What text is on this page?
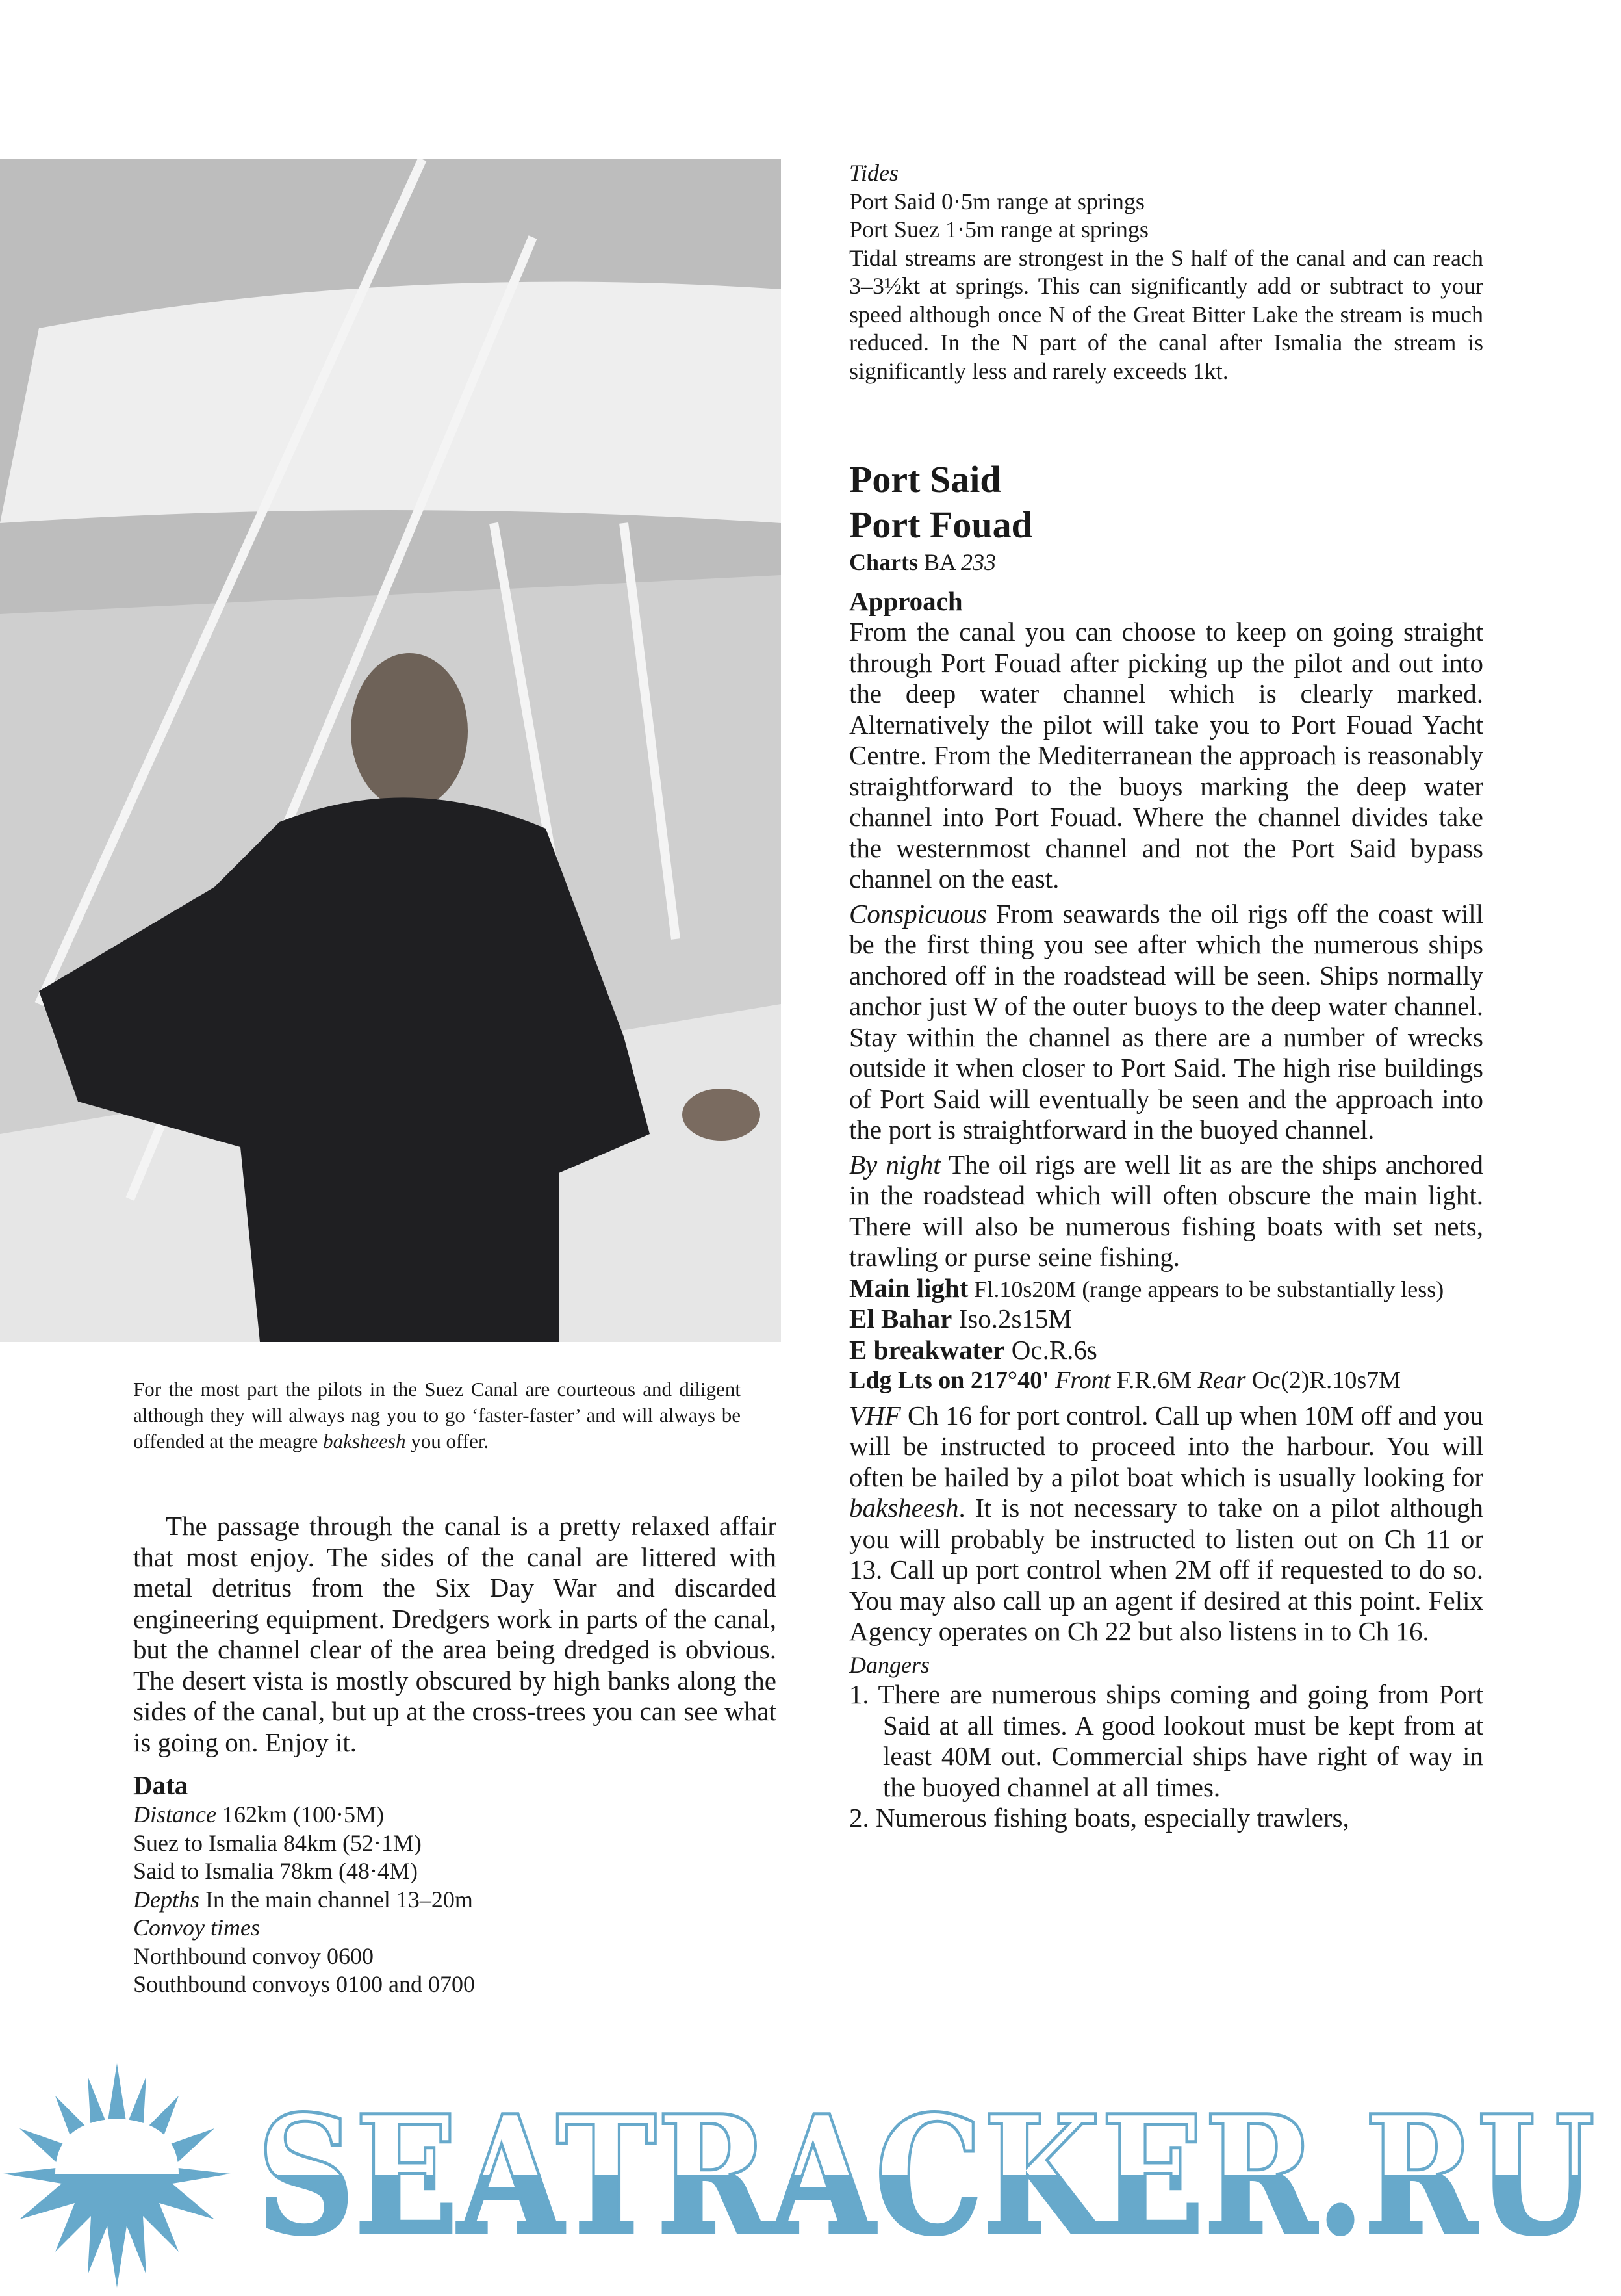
For the most part the pilots in the Suez Canal are courteous and diligent although they will always nag you to go ‘faster-faster’ and will always be offended at the meagre baksheesh you offer.

The passage through the canal is a pretty relaxed affair that most enjoy. The sides of the canal are littered with metal detritus from the Six Day War and discarded engineering equipment. Dredgers work in parts of the canal, but the channel clear of the area being dredged is obvious. The desert vista is mostly obscured by high banks along the sides of the canal, but up at the cross-trees you can see what is going on. Enjoy it.

Data
Distance 162km (100·5M)
Suez to Ismalia 84km (52·1M)
Said to Ismalia 78km (48·4M)
Depths In the main channel 13–20m
Convoy times
Northbound convoy 0600
Southbound convoys 0100 and 0700
Tides
Port Said 0·5m range at springs
Port Suez 1·5m range at springs

Tidal streams are strongest in the S half of the canal and can reach 3–3½kt at springs. This can significantly add or subtract to your speed although once N of the Great Bitter Lake the stream is much reduced. In the N part of the canal after Ismalia the stream is significantly less and rarely exceeds 1kt.

Port Said
Port Fouad
Charts BA 233
Approach

From the canal you can choose to keep on going straight through Port Fouad after picking up the pilot and out into the deep water channel which is clearly marked. Alternatively the pilot will take you to Port Fouad Yacht Centre. From the Mediterranean the approach is reasonably straightforward to the buoys marking the deep water channel into Port Fouad. Where the channel divides take the westernmost channel and not the Port Said bypass channel on the east.

Conspicuous From seawards the oil rigs off the coast will be the first thing you see after which the numerous ships anchored off in the roadstead will be seen. Ships normally anchor just W of the outer buoys to the deep water channel. Stay within the channel as there are a number of wrecks outside it when closer to Port Said. The high rise buildings of Port Said will eventually be seen and the approach into the port is straightforward in the buoyed channel.

By night The oil rigs are well lit as are the ships anchored in the roadstead which will often obscure the main light. There will also be numerous fishing boats with set nets, trawling or purse seine fishing.

Main light Fl.10s20M (range appears to be substantially less)
El Bahar Iso.2s15M
E breakwater Oc.R.6s
Ldg Lts on 217°40' Front F.R.6M Rear Oc(2)R.10s7M

VHF Ch 16 for port control. Call up when 10M off and you will be instructed to proceed into the harbour. You will often be hailed by a pilot boat which is usually looking for baksheesh. It is not necessary to take on a pilot although you will probably be instructed to listen out on Ch 11 or 13. Call up port control when 2M off if requested to do so. You may also call up an agent if desired at this point. Felix Agency operates on Ch 22 but also listens in to Ch 16.

Dangers

1. There are numerous ships coming and going from Port Said at all times. A good lookout must be kept from at least 40M out. Commercial ships have right of way in the buoyed channel at all times.

2. Numerous fishing boats, especially trawlers,

SEATRACKER.RU
